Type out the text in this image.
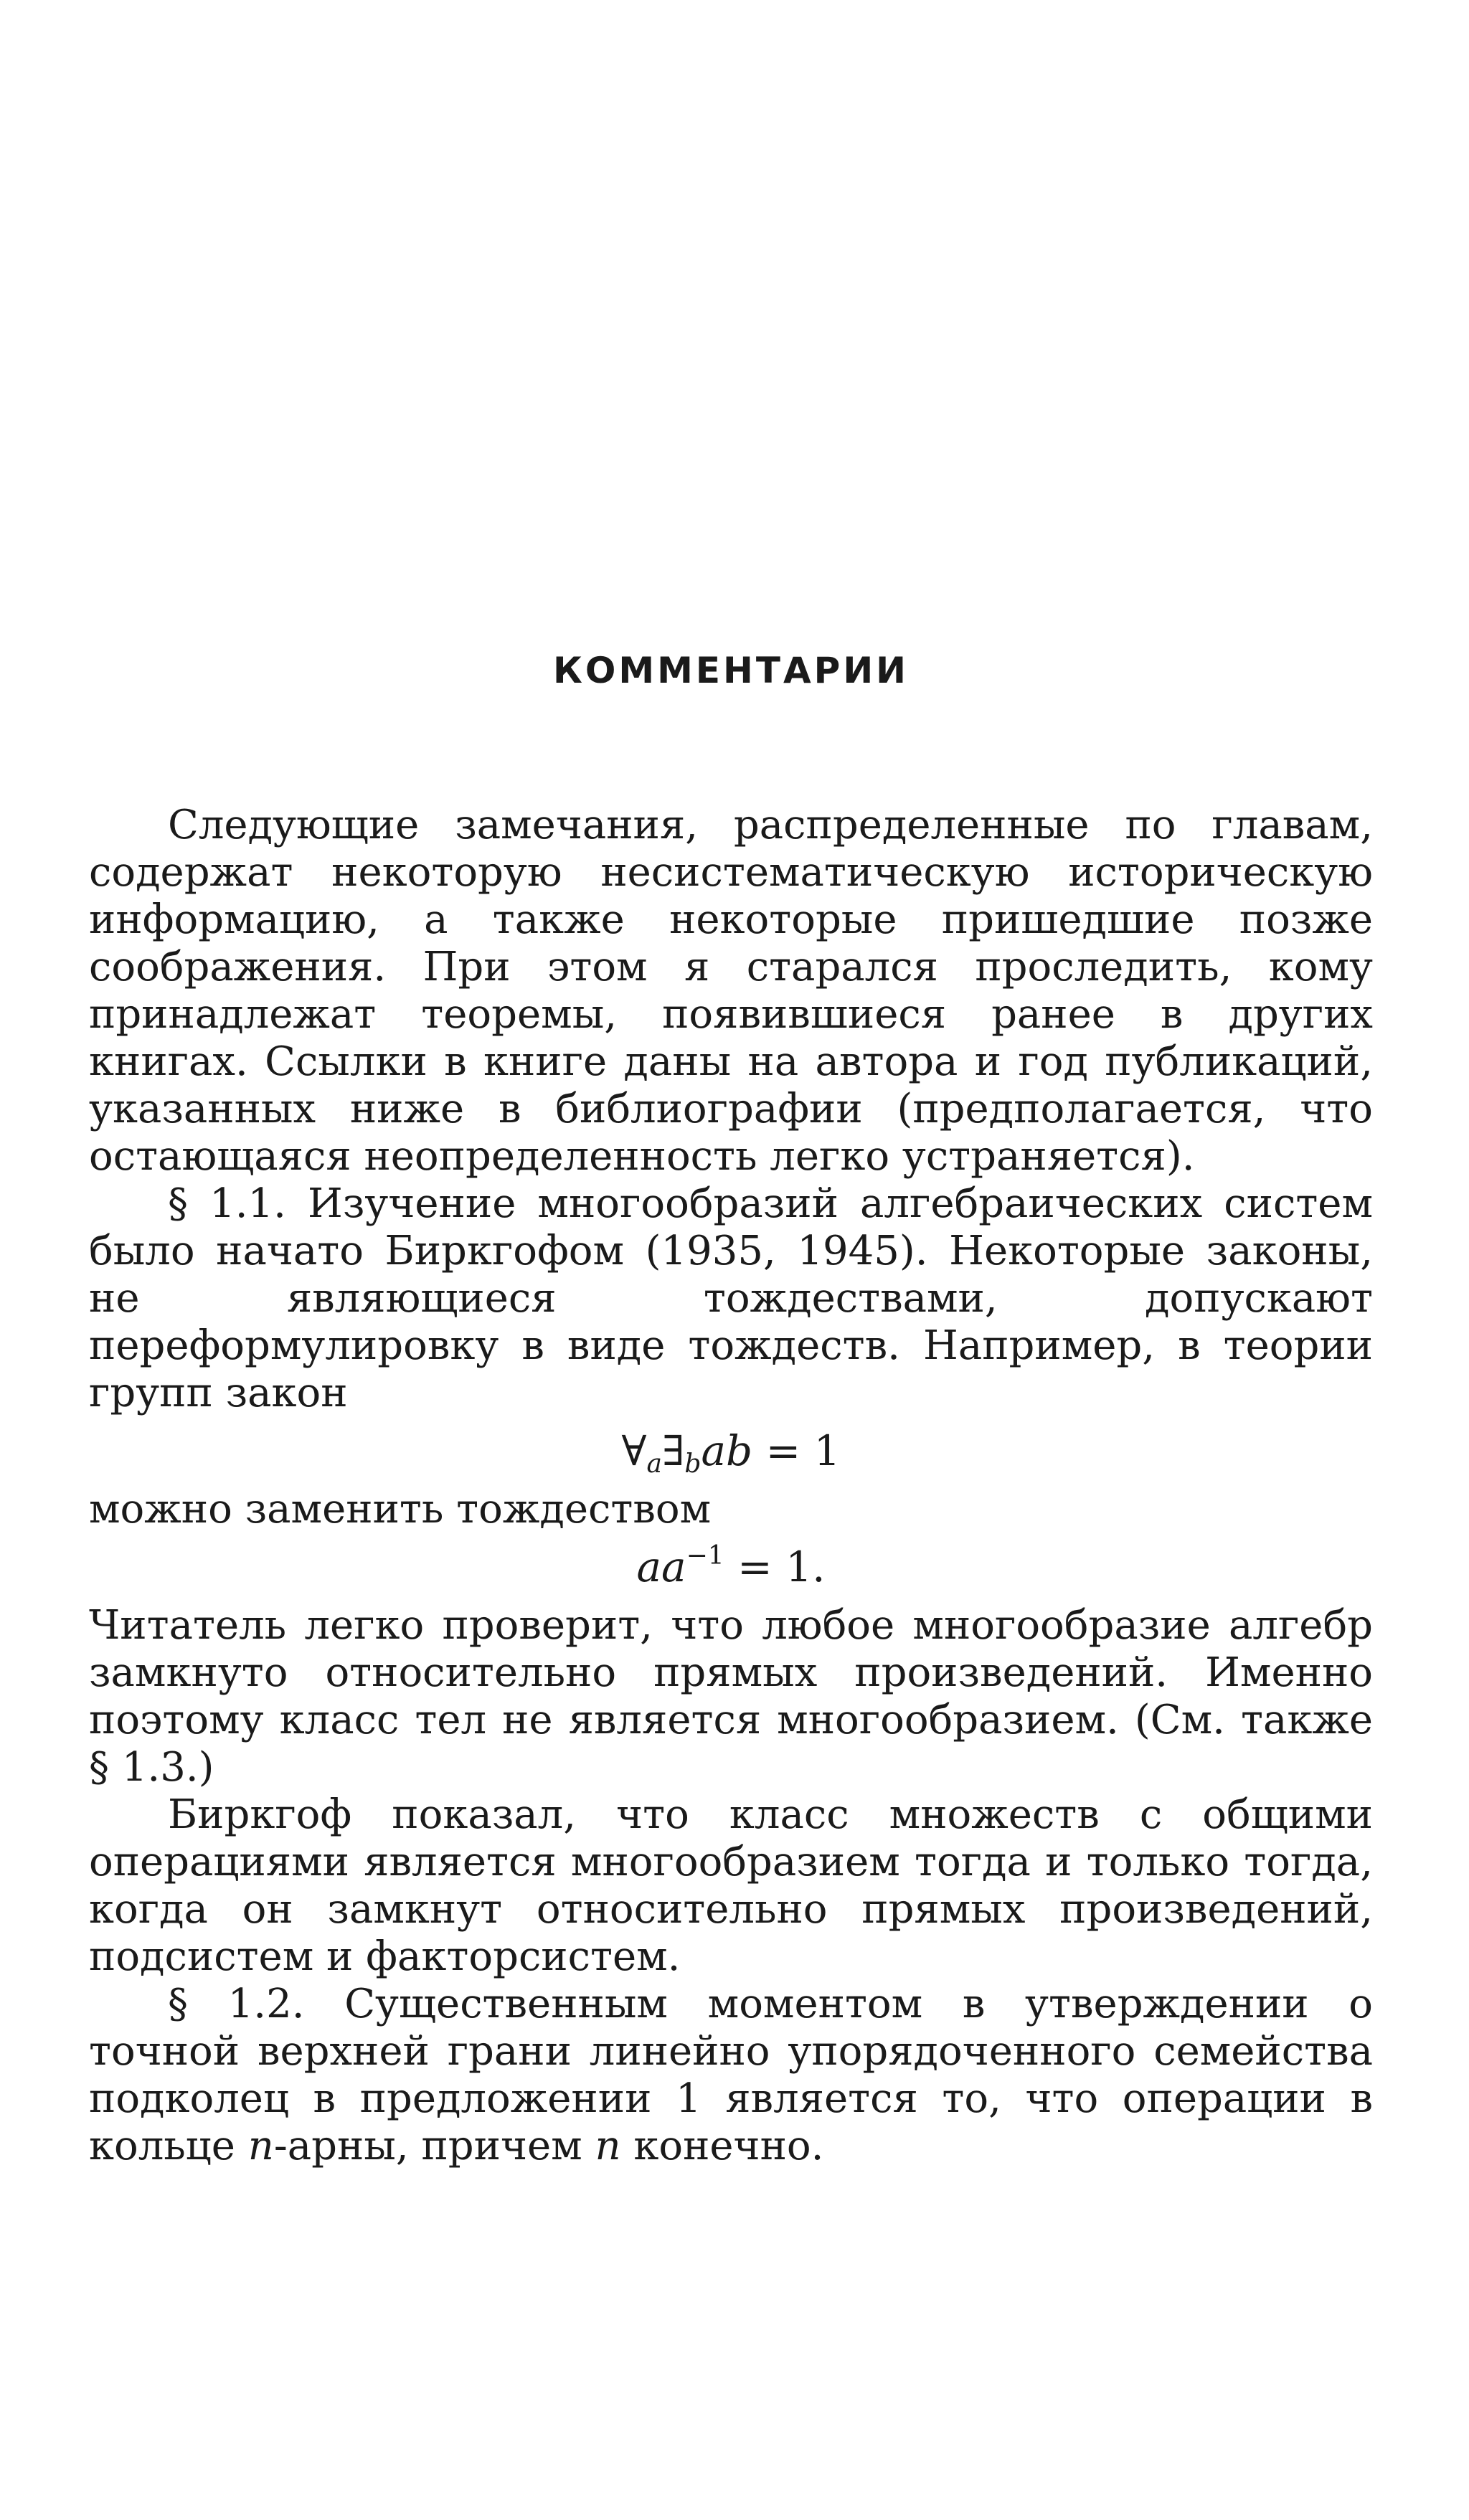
КОММЕНТАРИИ

Следующие замечания, распределенные по главам, содержат некоторую несистематическую историческую информацию, а также некоторые пришедшие позже соображения. При этом я старался проследить, кому принадлежат теоремы, появившиеся ранее в других книгах. Ссылки в книге даны на автора и год публикаций, указанных ниже в библиографии (предполагается, что остающаяся неопределенность легко устраняется).

§ 1.1. Изучение многообразий алгебраических систем было начато Биркгофом (1935, 1945). Некоторые законы, не являющиеся тождествами, допускают переформулировку в виде тождеств. Например, в теории групп закон

$\forall_a\exists_bab = 1$

можно заменить тождеством

$aa^{-1} = 1$.

Читатель легко проверит, что любое многообразие алгебр замкнуто относительно прямых произведений. Именно поэтому класс тел не является многообразием. (См. также § 1.3.)

Биркгоф показал, что класс множеств с общими операциями является многообразием тогда и только тогда, когда он замкнут относительно прямых произведений, подсистем и факторсистем.

§ 1.2. Существенным моментом в утверждении о точной верхней грани линейно упорядоченного семейства подколец в предложении 1 является то, что операции в кольце n-арны, причем n конечно.
